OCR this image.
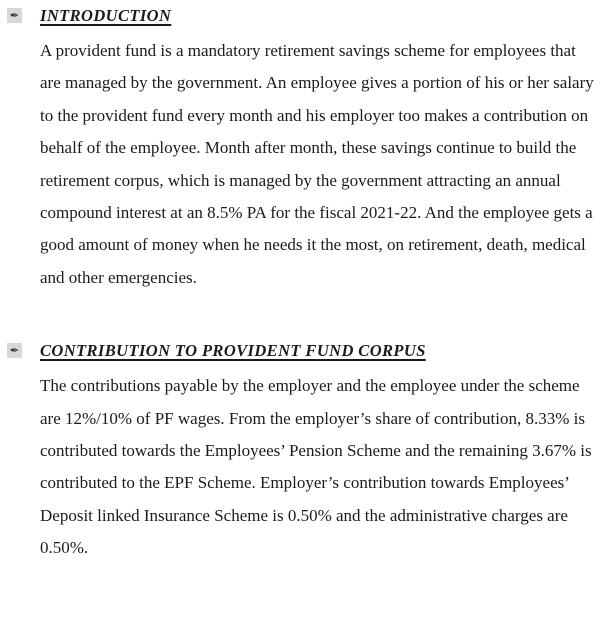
✒ INTRODUCTION

A provident fund is a mandatory retirement savings scheme for employees that are managed by the government. An employee gives a portion of his or her salary to the provident fund every month and his employer too makes a contribution on behalf of the employee. Month after month, these savings continue to build the retirement corpus, which is managed by the government attracting an annual compound interest at an 8.5% PA for the fiscal 2021-22. And the employee gets a good amount of money when he needs it the most, on retirement, death, medical and other emergencies.

✒ CONTRIBUTION TO PROVIDENT FUND CORPUS

The contributions payable by the employer and the employee under the scheme are 12%/10% of PF wages. From the employer’s share of contribution, 8.33% is contributed towards the Employees’ Pension Scheme and the remaining 3.67% is contributed to the EPF Scheme. Employer’s contribution towards Employees’ Deposit linked Insurance Scheme is 0.50% and the administrative charges are 0.50%.
